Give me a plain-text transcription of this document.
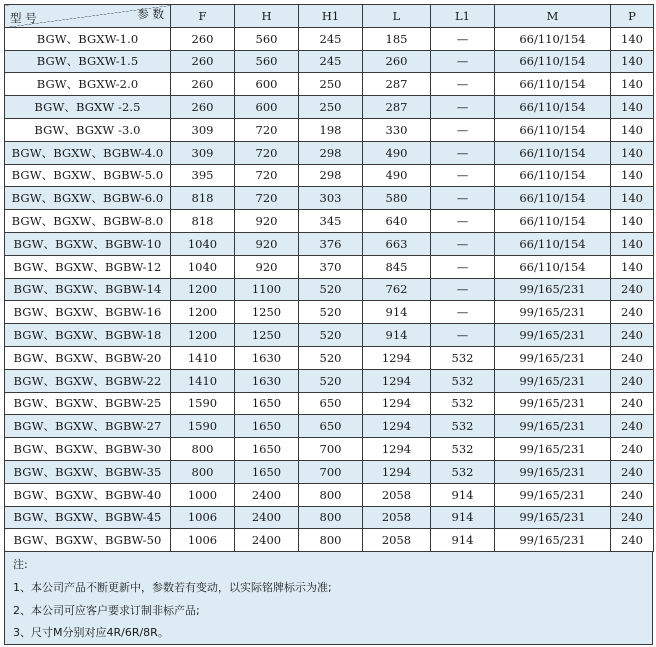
型 号 参 数	F	H	H1	L	L1	M	P
BGW、BGXW-1.0	260	560	245	185	—	66/110/154	140
BGW、BGXW-1.5	260	560	245	260	—	66/110/154	140
BGW、BGXW-2.0	260	600	250	287	—	66/110/154	140
BGW、BGXW -2.5	260	600	250	287	—	66/110/154	140
BGW、BGXW -3.0	309	720	198	330	—	66/110/154	140
BGW、BGXW、BGBW-4.0	309	720	298	490	—	66/110/154	140
BGW、BGXW、BGBW-5.0	395	720	298	490	—	66/110/154	140
BGW、BGXW、BGBW-6.0	818	720	303	580	—	66/110/154	140
BGW、BGXW、BGBW-8.0	818	920	345	640	—	66/110/154	140
BGW、BGXW、BGBW-10	1040	920	376	663	—	66/110/154	140
BGW、BGXW、BGBW-12	1040	920	370	845	—	66/110/154	140
BGW、BGXW、BGBW-14	1200	1100	520	762	—	99/165/231	240
BGW、BGXW、BGBW-16	1200	1250	520	914	—	99/165/231	240
BGW、BGXW、BGBW-18	1200	1250	520	914	—	99/165/231	240
BGW、BGXW、BGBW-20	1410	1630	520	1294	532	99/165/231	240
BGW、BGXW、BGBW-22	1410	1630	520	1294	532	99/165/231	240
BGW、BGXW、BGBW-25	1590	1650	650	1294	532	99/165/231	240
BGW、BGXW、BGBW-27	1590	1650	650	1294	532	99/165/231	240
BGW、BGXW、BGBW-30	800	1650	700	1294	532	99/165/231	240
BGW、BGXW、BGBW-35	800	1650	700	1294	532	99/165/231	240
BGW、BGXW、BGBW-40	1000	2400	800	2058	914	99/165/231	240
BGW、BGXW、BGBW-45	1006	2400	800	2058	914	99/165/231	240
BGW、BGXW、BGBW-50	1006	2400	800	2058	914	99/165/231	240
注:
1、本公司产品不断更新中，参数若有变动，以实际铭牌标示为准;
2、本公司可应客户要求订制非标产品;
3、尺寸M分别对应4R/6R/8R。
